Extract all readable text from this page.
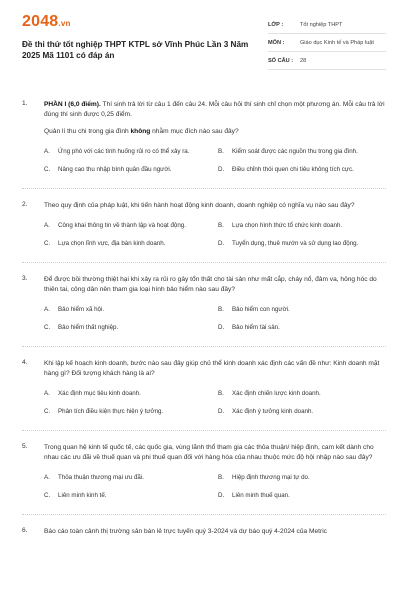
2048.vn
Đề thi thử tốt nghiệp THPT KTPL sở Vĩnh Phúc Lần 3 Năm 2025 Mã 1101 có đáp án
LỚP :	Tốt nghiệp THPT
MÔN :	Giáo dục Kinh tế và Pháp luật
SỐ CÂU :	28
1.	PHẦN I (6,0 điểm). Thí sinh trả lời từ câu 1 đến câu 24. Mỗi câu hỏi thí sinh chỉ chọn một phương án. Mỗi câu trả lời đúng thí sinh được 0,25 điểm.
Quản lí thu chi trong gia đình không nhằm mục đích nào sau đây?
A.	Ứng phó với các tình huống rủi ro có thể xảy ra.	B.	Kiểm soát được các nguồn thu trong gia đình.
C.	Nâng cao thu nhập bình quân đầu người.	D.	Điều chỉnh thói quen chi tiêu không tích cực.
2.	Theo quy định của pháp luật, khi tiến hành hoạt động kinh doanh, doanh nghiệp có nghĩa vụ nào sau đây?
A.	Công khai thông tin về thành lập và hoạt động.	B.	Lựa chọn hình thức tổ chức kinh doanh.
C.	Lựa chọn lĩnh vực, địa bàn kinh doanh.	D.	Tuyển dụng, thuê mướn và sử dụng lao động.
3.	Để được bồi thường thiệt hại khi xảy ra rủi ro gây tổn thất cho tài sản như mất cắp, cháy nổ, đâm va, hỏng hóc do thiên tai, công dân nên tham gia loại hình bảo hiểm nào sau đây?
A.	Bảo hiểm xã hội.	B.	Bảo hiểm con người.
C.	Bảo hiểm thất nghiệp.	D.	Bảo hiểm tài sản.
4.	Khi lập kế hoạch kinh doanh, bước nào sau đây giúp chủ thể kinh doanh xác định các vấn đề như: Kinh doanh mặt hàng gì? Đối tượng khách hàng là ai?
A.	Xác định mục tiêu kinh doanh.	B.	Xác định chiến lược kinh doanh.
C.	Phân tích điều kiện thực hiện ý tưởng.	D.	Xác định ý tưởng kinh doanh.
5.	Trong quan hệ kinh tế quốc tế, các quốc gia, vùng lãnh thổ tham gia các thỏa thuận/ hiệp định, cam kết dành cho nhau các ưu đãi về thuế quan và phi thuế quan đối với hàng hóa của nhau thuộc mức độ hội nhập nào sau đây?
A.	Thỏa thuận thương mại ưu đãi.	B.	Hiệp định thương mại tự do.
C.	Liên minh kinh tế.	D.	Liên minh thuế quan.
6.	Báo cáo toàn cảnh thị trường sản bán lẻ trực tuyến quý 3-2024 và dự báo quý 4-2024 của Metric
